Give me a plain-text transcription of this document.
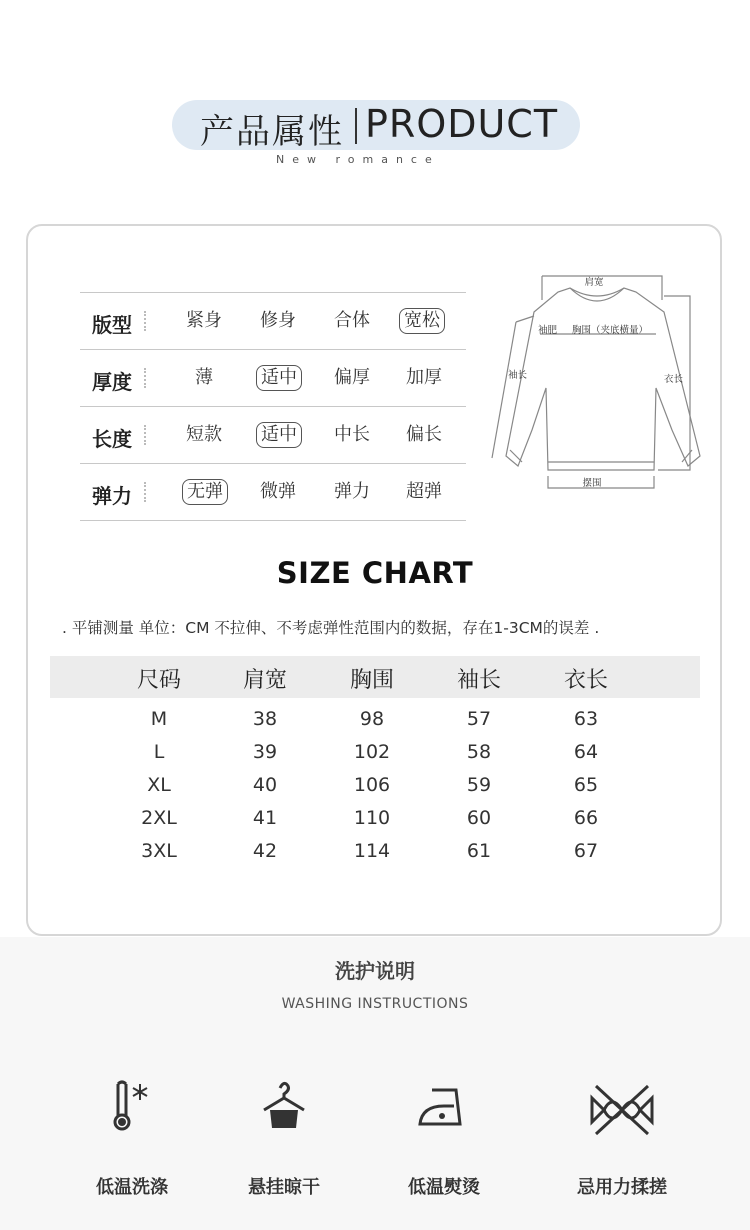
产品属性 PRODUCT
New romance
版型	紧身	修身	合体	宽松
厚度	薄	适中	偏厚	加厚
长度	短款	适中	中长	偏长
弹力	无弹	微弹	弹力	超弹
肩宽
袖肥 胸围（夹底横量）
袖长	衣长
摆围
SIZE CHART
. 平铺测量 单位：CM 不拉伸、不考虑弹性范围内的数据，存在1-3CM的误差 .
尺码	肩宽	胸围	袖长	衣长
M	38	98	57	63
L	39	102	58	64
XL	40	106	59	65
2XL	41	110	60	66
3XL	42	114	61	67
洗护说明
WASHING INSTRUCTIONS
低温洗涤	悬挂晾干	低温熨烫	忌用力揉搓
